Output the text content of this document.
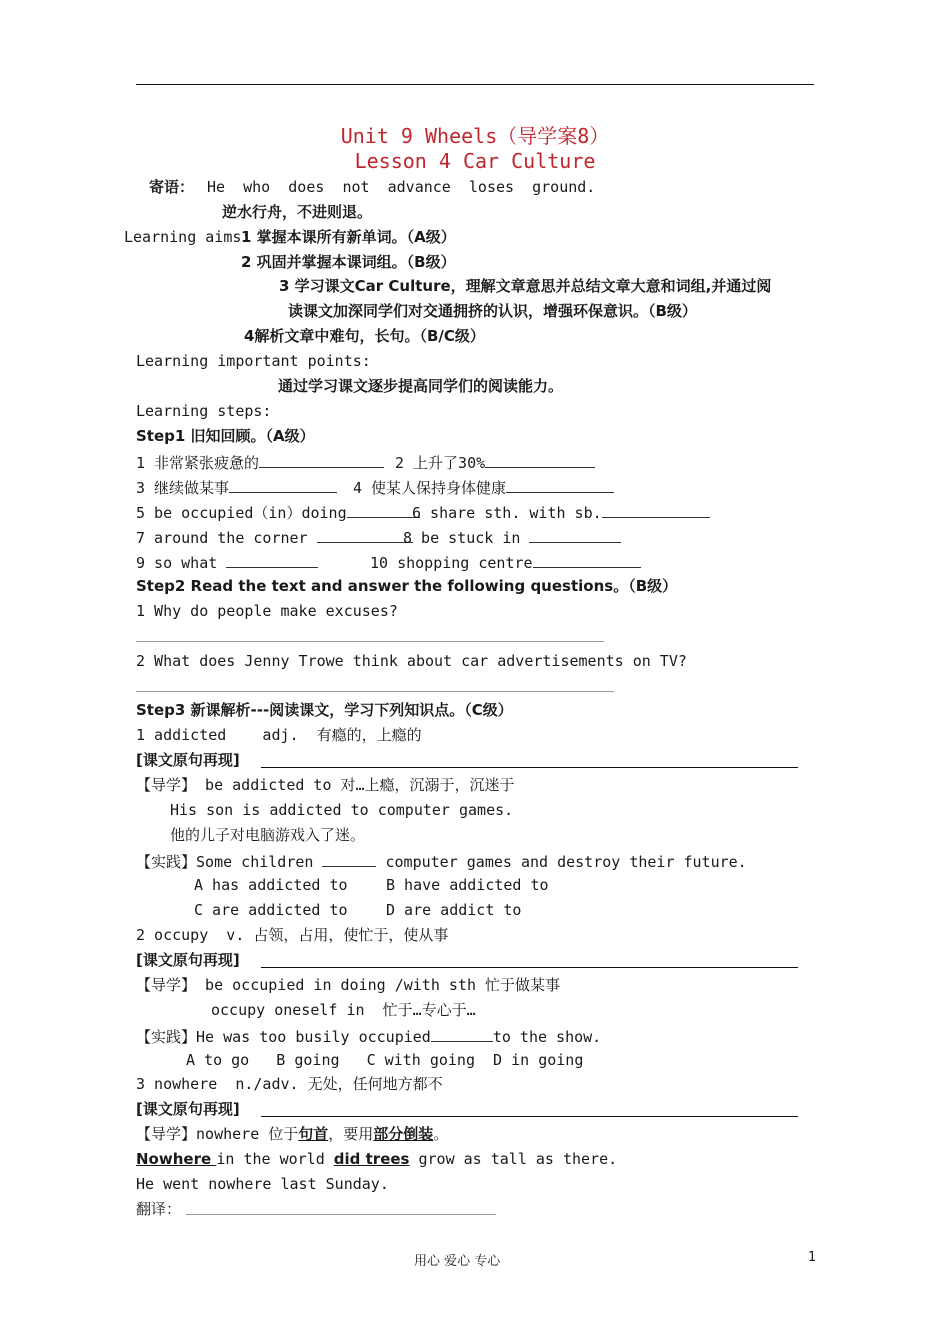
Unit 9 Wheels（导学案8）
Lesson 4 Car Culture
寄语： He  who  does  not  advance  loses  ground.
逆水行舟，不进则退。
Learning aims:
1 掌握本课所有新单词。（A级）
2 巩固并掌握本课词组。（B级）
3 学习课文Car Culture，理解文章意思并总结文章大意和词组,并通过阅
读课文加深同学们对交通拥挤的认识，增强环保意识。（B级）
4解析文章中难句，长句。（B/C级）
Learning important points:
通过学习课文逐步提高同学们的阅读能力。
Learning steps:
Step1 旧知回顾。（A级）
1 非常紧张疲惫的	2 上升了30%
3 继续做某事	4 使某人保持身体健康
5 be occupied（in）doing	6 share sth. with sb.
7 around the corner	8 be stuck in
9 so what	10 shopping centre
Step2 Read the text and answer the following questions。（B级）
1 Why do people make excuses?
2 What does Jenny Trowe think about car advertisements on TV?
Step3 新课解析---阅读课文，学习下列知识点。（C级）
1 addicted    adj.  有瘾的，上瘾的
[课文原句再现]
【导学】 be addicted to 对…上瘾，沉溺于，沉迷于
His son is addicted to computer games.
他的儿子对电脑游戏入了迷。
【实践】Some children	computer games and destroy their future.
A has addicted to	B have addicted to
C are addicted to	D are addict to
2 occupy  v. 占领，占用，使忙于，使从事
[课文原句再现]
【导学】 be occupied in doing /with sth 忙于做某事
occupy oneself in  忙于…专心于…
【实践】He was too busily occupied	to the show.
A to go   B going   C with going  D in going
3 nowhere  n./adv. 无处，任何地方都不
[课文原句再现]
【导学】nowhere 位于句首，要用部分倒装。
Nowhere in the world did trees grow as tall as there.
He went nowhere last Sunday.
翻译：
用心 爱心 专心	1
